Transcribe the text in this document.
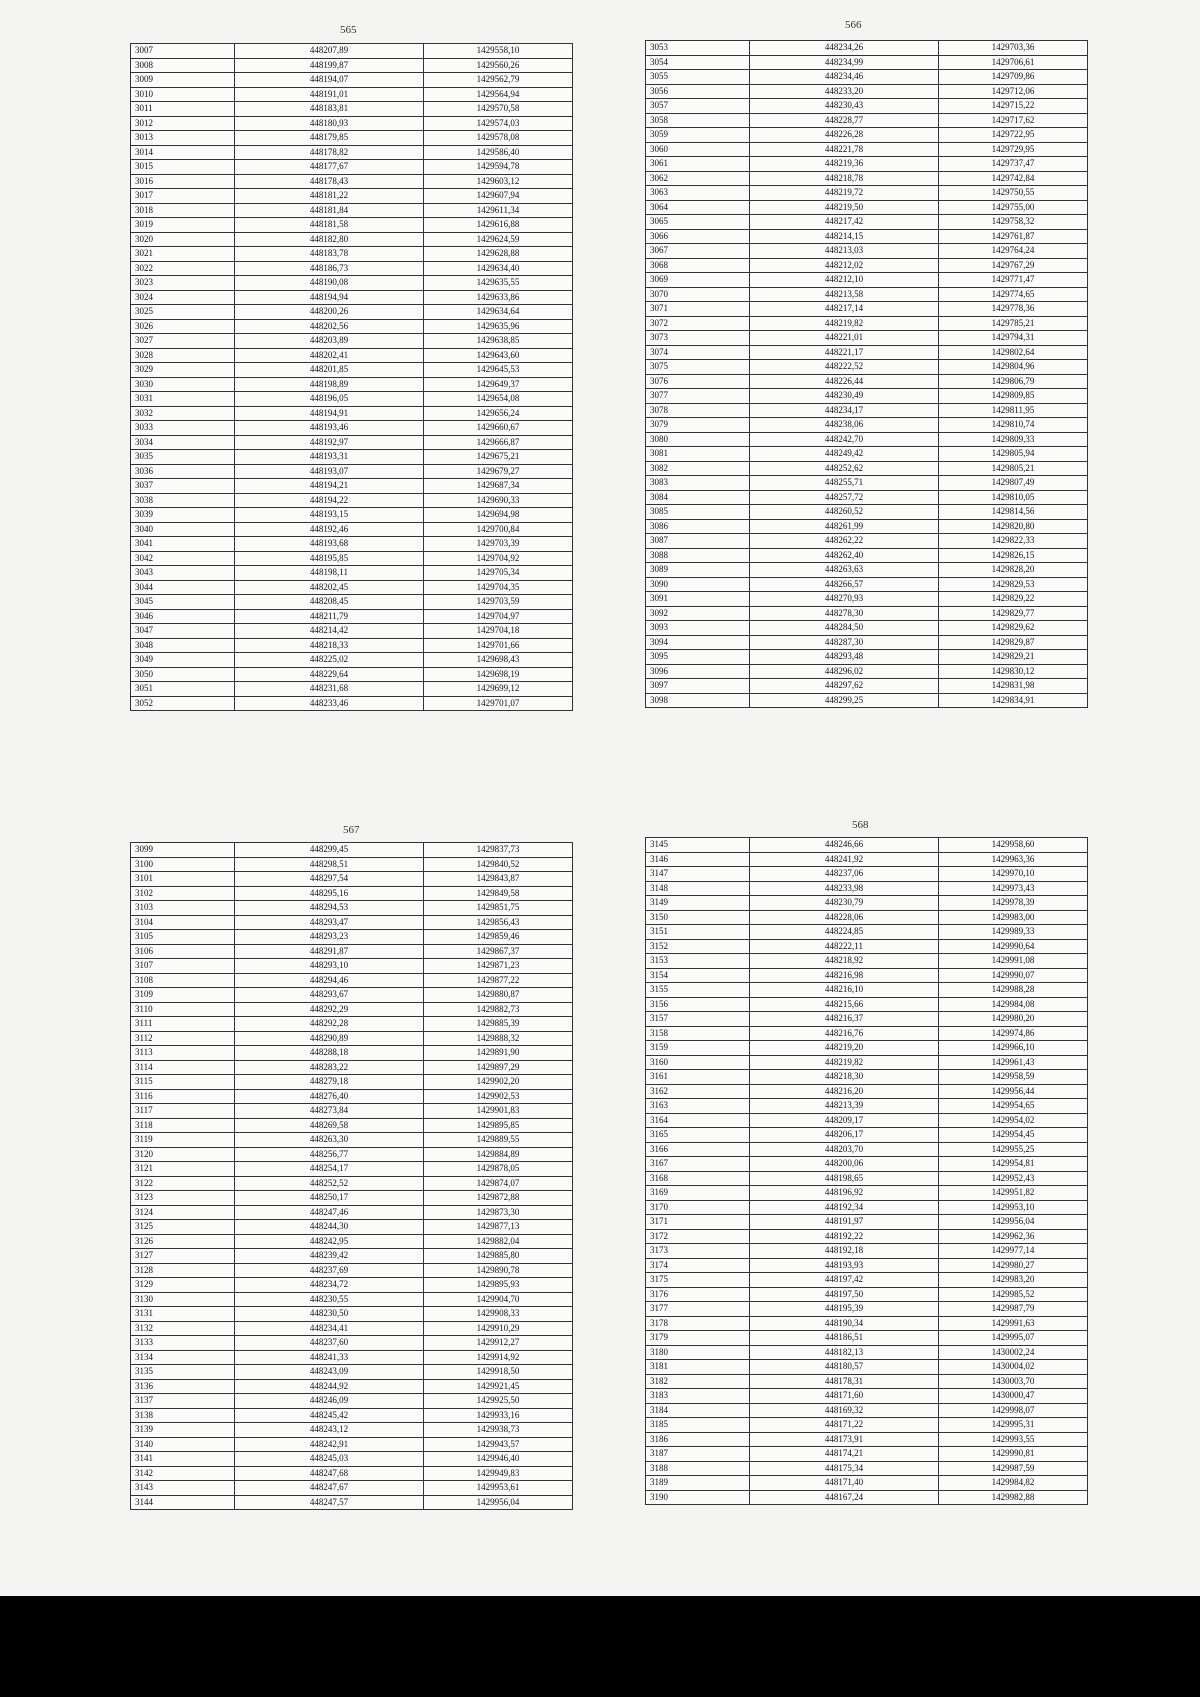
565
3007	448207,89	1429558,10
3008	448199,87	1429560,26
3009	448194,07	1429562,79
3010	448191,01	1429564,94
3011	448183,81	1429570,58
3012	448180,93	1429574,03
3013	448179,85	1429578,08
3014	448178,82	1429586,40
3015	448177,67	1429594,78
3016	448178,43	1429603,12
3017	448181,22	1429607,94
3018	448181,84	1429611,34
3019	448181,58	1429616,88
3020	448182,80	1429624,59
3021	448183,78	1429628,88
3022	448186,73	1429634,40
3023	448190,08	1429635,55
3024	448194,94	1429633,86
3025	448200,26	1429634,64
3026	448202,56	1429635,96
3027	448203,89	1429638,85
3028	448202,41	1429643,60
3029	448201,85	1429645,53
3030	448198,89	1429649,37
3031	448196,05	1429654,08
3032	448194,91	1429656,24
3033	448193,46	1429660,67
3034	448192,97	1429666,87
3035	448193,31	1429675,21
3036	448193,07	1429679,27
3037	448194,21	1429687,34
3038	448194,22	1429690,33
3039	448193,15	1429694,98
3040	448192,46	1429700,84
3041	448193,68	1429703,39
3042	448195,85	1429704,92
3043	448198,11	1429705,34
3044	448202,45	1429704,35
3045	448208,45	1429703,59
3046	448211,79	1429704,97
3047	448214,42	1429704,18
3048	448218,33	1429701,66
3049	448225,02	1429698,43
3050	448229,64	1429698,19
3051	448231,68	1429699,12
3052	448233,46	1429701,07
566
3053	448234,26	1429703,36
3054	448234,99	1429706,61
3055	448234,46	1429709,86
3056	448233,20	1429712,06
3057	448230,43	1429715,22
3058	448228,77	1429717,62
3059	448226,28	1429722,95
3060	448221,78	1429729,95
3061	448219,36	1429737,47
3062	448218,78	1429742,84
3063	448219,72	1429750,55
3064	448219,50	1429755,00
3065	448217,42	1429758,32
3066	448214,15	1429761,87
3067	448213,03	1429764,24
3068	448212,02	1429767,29
3069	448212,10	1429771,47
3070	448213,58	1429774,65
3071	448217,14	1429778,36
3072	448219,82	1429785,21
3073	448221,01	1429794,31
3074	448221,17	1429802,64
3075	448222,52	1429804,96
3076	448226,44	1429806,79
3077	448230,49	1429809,85
3078	448234,17	1429811,95
3079	448238,06	1429810,74
3080	448242,70	1429809,33
3081	448249,42	1429805,94
3082	448252,62	1429805,21
3083	448255,71	1429807,49
3084	448257,72	1429810,05
3085	448260,52	1429814,56
3086	448261,99	1429820,80
3087	448262,22	1429822,33
3088	448262,40	1429826,15
3089	448263,63	1429828,20
3090	448266,57	1429829,53
3091	448270,93	1429829,22
3092	448278,30	1429829,77
3093	448284,50	1429829,62
3094	448287,30	1429829,87
3095	448293,48	1429829,21
3096	448296,02	1429830,12
3097	448297,62	1429831,98
3098	448299,25	1429834,91
567
3099	448299,45	1429837,73
3100	448298,51	1429840,52
3101	448297,54	1429843,87
3102	448295,16	1429849,58
3103	448294,53	1429851,75
3104	448293,47	1429856,43
3105	448293,23	1429859,46
3106	448291,87	1429867,37
3107	448293,10	1429871,23
3108	448294,46	1429877,22
3109	448293,67	1429880,87
3110	448292,29	1429882,73
3111	448292,28	1429885,39
3112	448290,89	1429888,32
3113	448288,18	1429891,90
3114	448283,22	1429897,29
3115	448279,18	1429902,20
3116	448276,40	1429902,53
3117	448273,84	1429901,83
3118	448269,58	1429895,85
3119	448263,30	1429889,55
3120	448256,77	1429884,89
3121	448254,17	1429878,05
3122	448252,52	1429874,07
3123	448250,17	1429872,88
3124	448247,46	1429873,30
3125	448244,30	1429877,13
3126	448242,95	1429882,04
3127	448239,42	1429885,80
3128	448237,69	1429890,78
3129	448234,72	1429895,93
3130	448230,55	1429904,70
3131	448230,50	1429908,33
3132	448234,41	1429910,29
3133	448237,60	1429912,27
3134	448241,33	1429914,92
3135	448243,09	1429918,50
3136	448244,92	1429921,45
3137	448246,09	1429925,50
3138	448245,42	1429933,16
3139	448243,12	1429938,73
3140	448242,91	1429943,57
3141	448245,03	1429946,40
3142	448247,68	1429949,83
3143	448247,67	1429953,61
3144	448247,57	1429956,04
568
3145	448246,66	1429958,60
3146	448241,92	1429963,36
3147	448237,06	1429970,10
3148	448233,98	1429973,43
3149	448230,79	1429978,39
3150	448228,06	1429983,00
3151	448224,85	1429989,33
3152	448222,11	1429990,64
3153	448218,92	1429991,08
3154	448216,98	1429990,07
3155	448216,10	1429988,28
3156	448215,66	1429984,08
3157	448216,37	1429980,20
3158	448216,76	1429974,86
3159	448219,20	1429966,10
3160	448219,82	1429961,43
3161	448218,30	1429958,59
3162	448216,20	1429956,44
3163	448213,39	1429954,65
3164	448209,17	1429954,02
3165	448206,17	1429954,45
3166	448203,70	1429955,25
3167	448200,06	1429954,81
3168	448198,65	1429952,43
3169	448196,92	1429951,82
3170	448192,34	1429953,10
3171	448191,97	1429956,04
3172	448192,22	1429962,36
3173	448192,18	1429977,14
3174	448193,93	1429980,27
3175	448197,42	1429983,20
3176	448197,50	1429985,52
3177	448195,39	1429987,79
3178	448190,34	1429991,63
3179	448186,51	1429995,07
3180	448182,13	1430002,24
3181	448180,57	1430004,02
3182	448178,31	1430003,70
3183	448171,60	1430000,47
3184	448169,32	1429998,07
3185	448171,22	1429995,31
3186	448173,91	1429993,55
3187	448174,21	1429990,81
3188	448175,34	1429987,59
3189	448171,40	1429984,82
3190	448167,24	1429982,88
